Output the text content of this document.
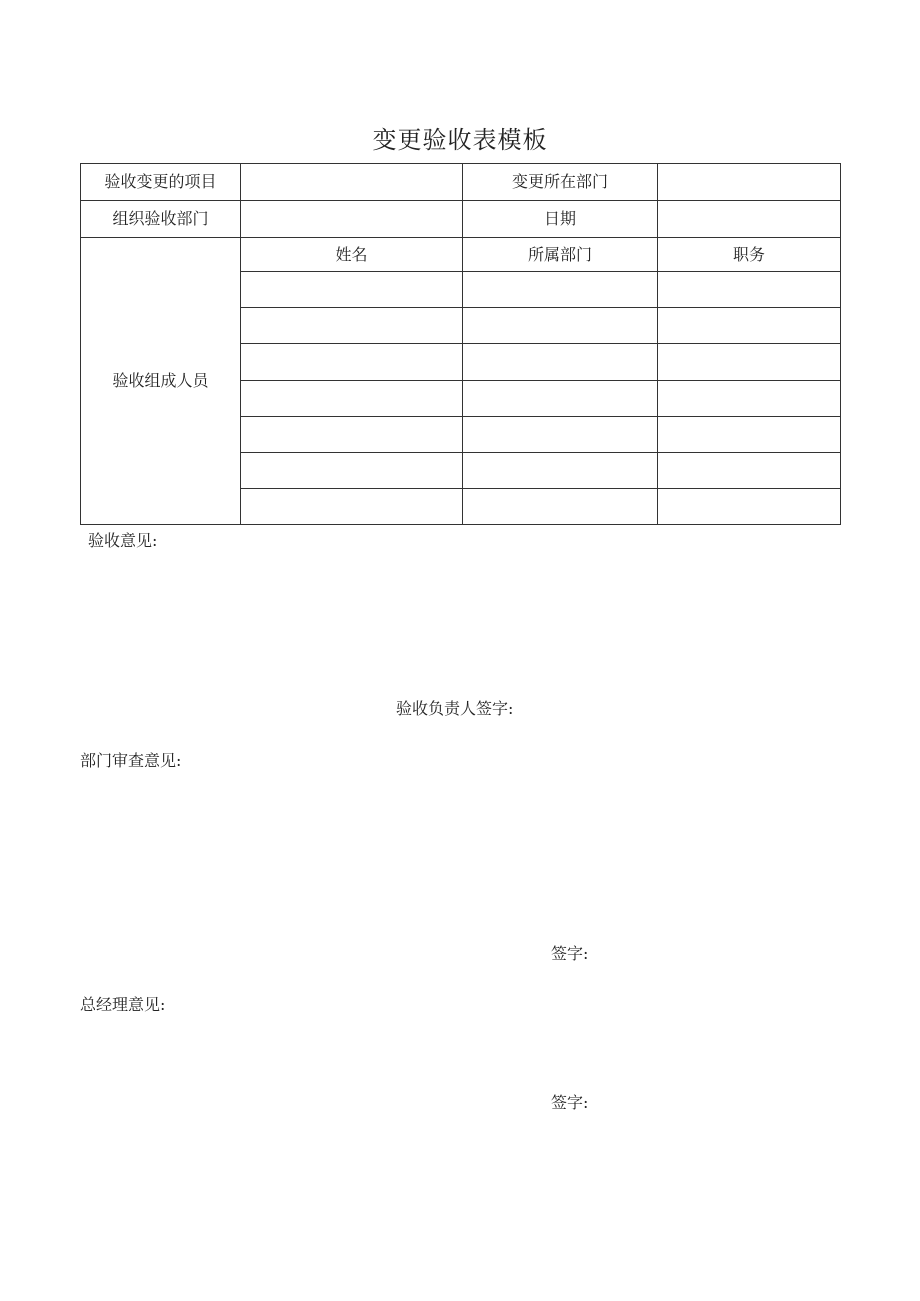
变更验收表模板
验收变更的项目		变更所在部门	
组织验收部门		日期	
验收组成人员	姓名	所属部门	职务

验收意见:
验收负责人签字:
部门审查意见:
签字:
总经理意见:
签字:
